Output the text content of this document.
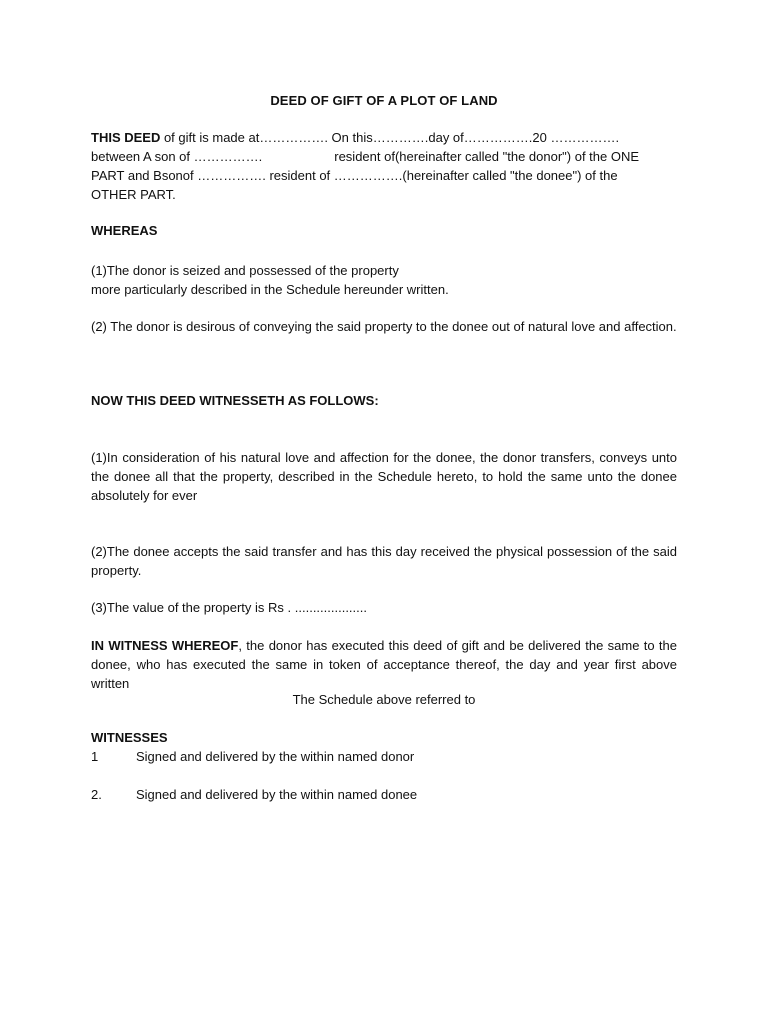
DEED OF GIFT OF A PLOT OF LAND
THIS DEED of gift is made at……………. On this………….day of…………….20 …………….
between A son of …………….	resident of(hereinafter called "the donor") of the ONE
PART and Bsonof ……………. resident of …………….(hereinafter called "the donee") of the
OTHER PART.
WHEREAS
(1)The donor is seized and possessed of the property
more particularly described in the Schedule hereunder written.
(2) The donor is desirous of conveying the said property to the donee out of natural love and affection.
NOW THIS DEED WITNESSETH AS FOLLOWS:
(1)In consideration of his natural love and affection for the donee, the donor transfers, conveys unto the donee all that the property, described in the Schedule hereto, to hold the same unto the donee absolutely for ever
(2)The donee accepts the said transfer and has this day received the physical possession of the said property.
(3)The value of the property is Rs . ....................
IN WITNESS WHEREOF, the donor has executed this deed of gift and be delivered the same to the donee, who has executed the same in token of acceptance thereof, the day and year first above written
The Schedule above referred to
WITNESSES
1	Signed and delivered by the within named donor
2.	Signed and delivered by the within named donee
